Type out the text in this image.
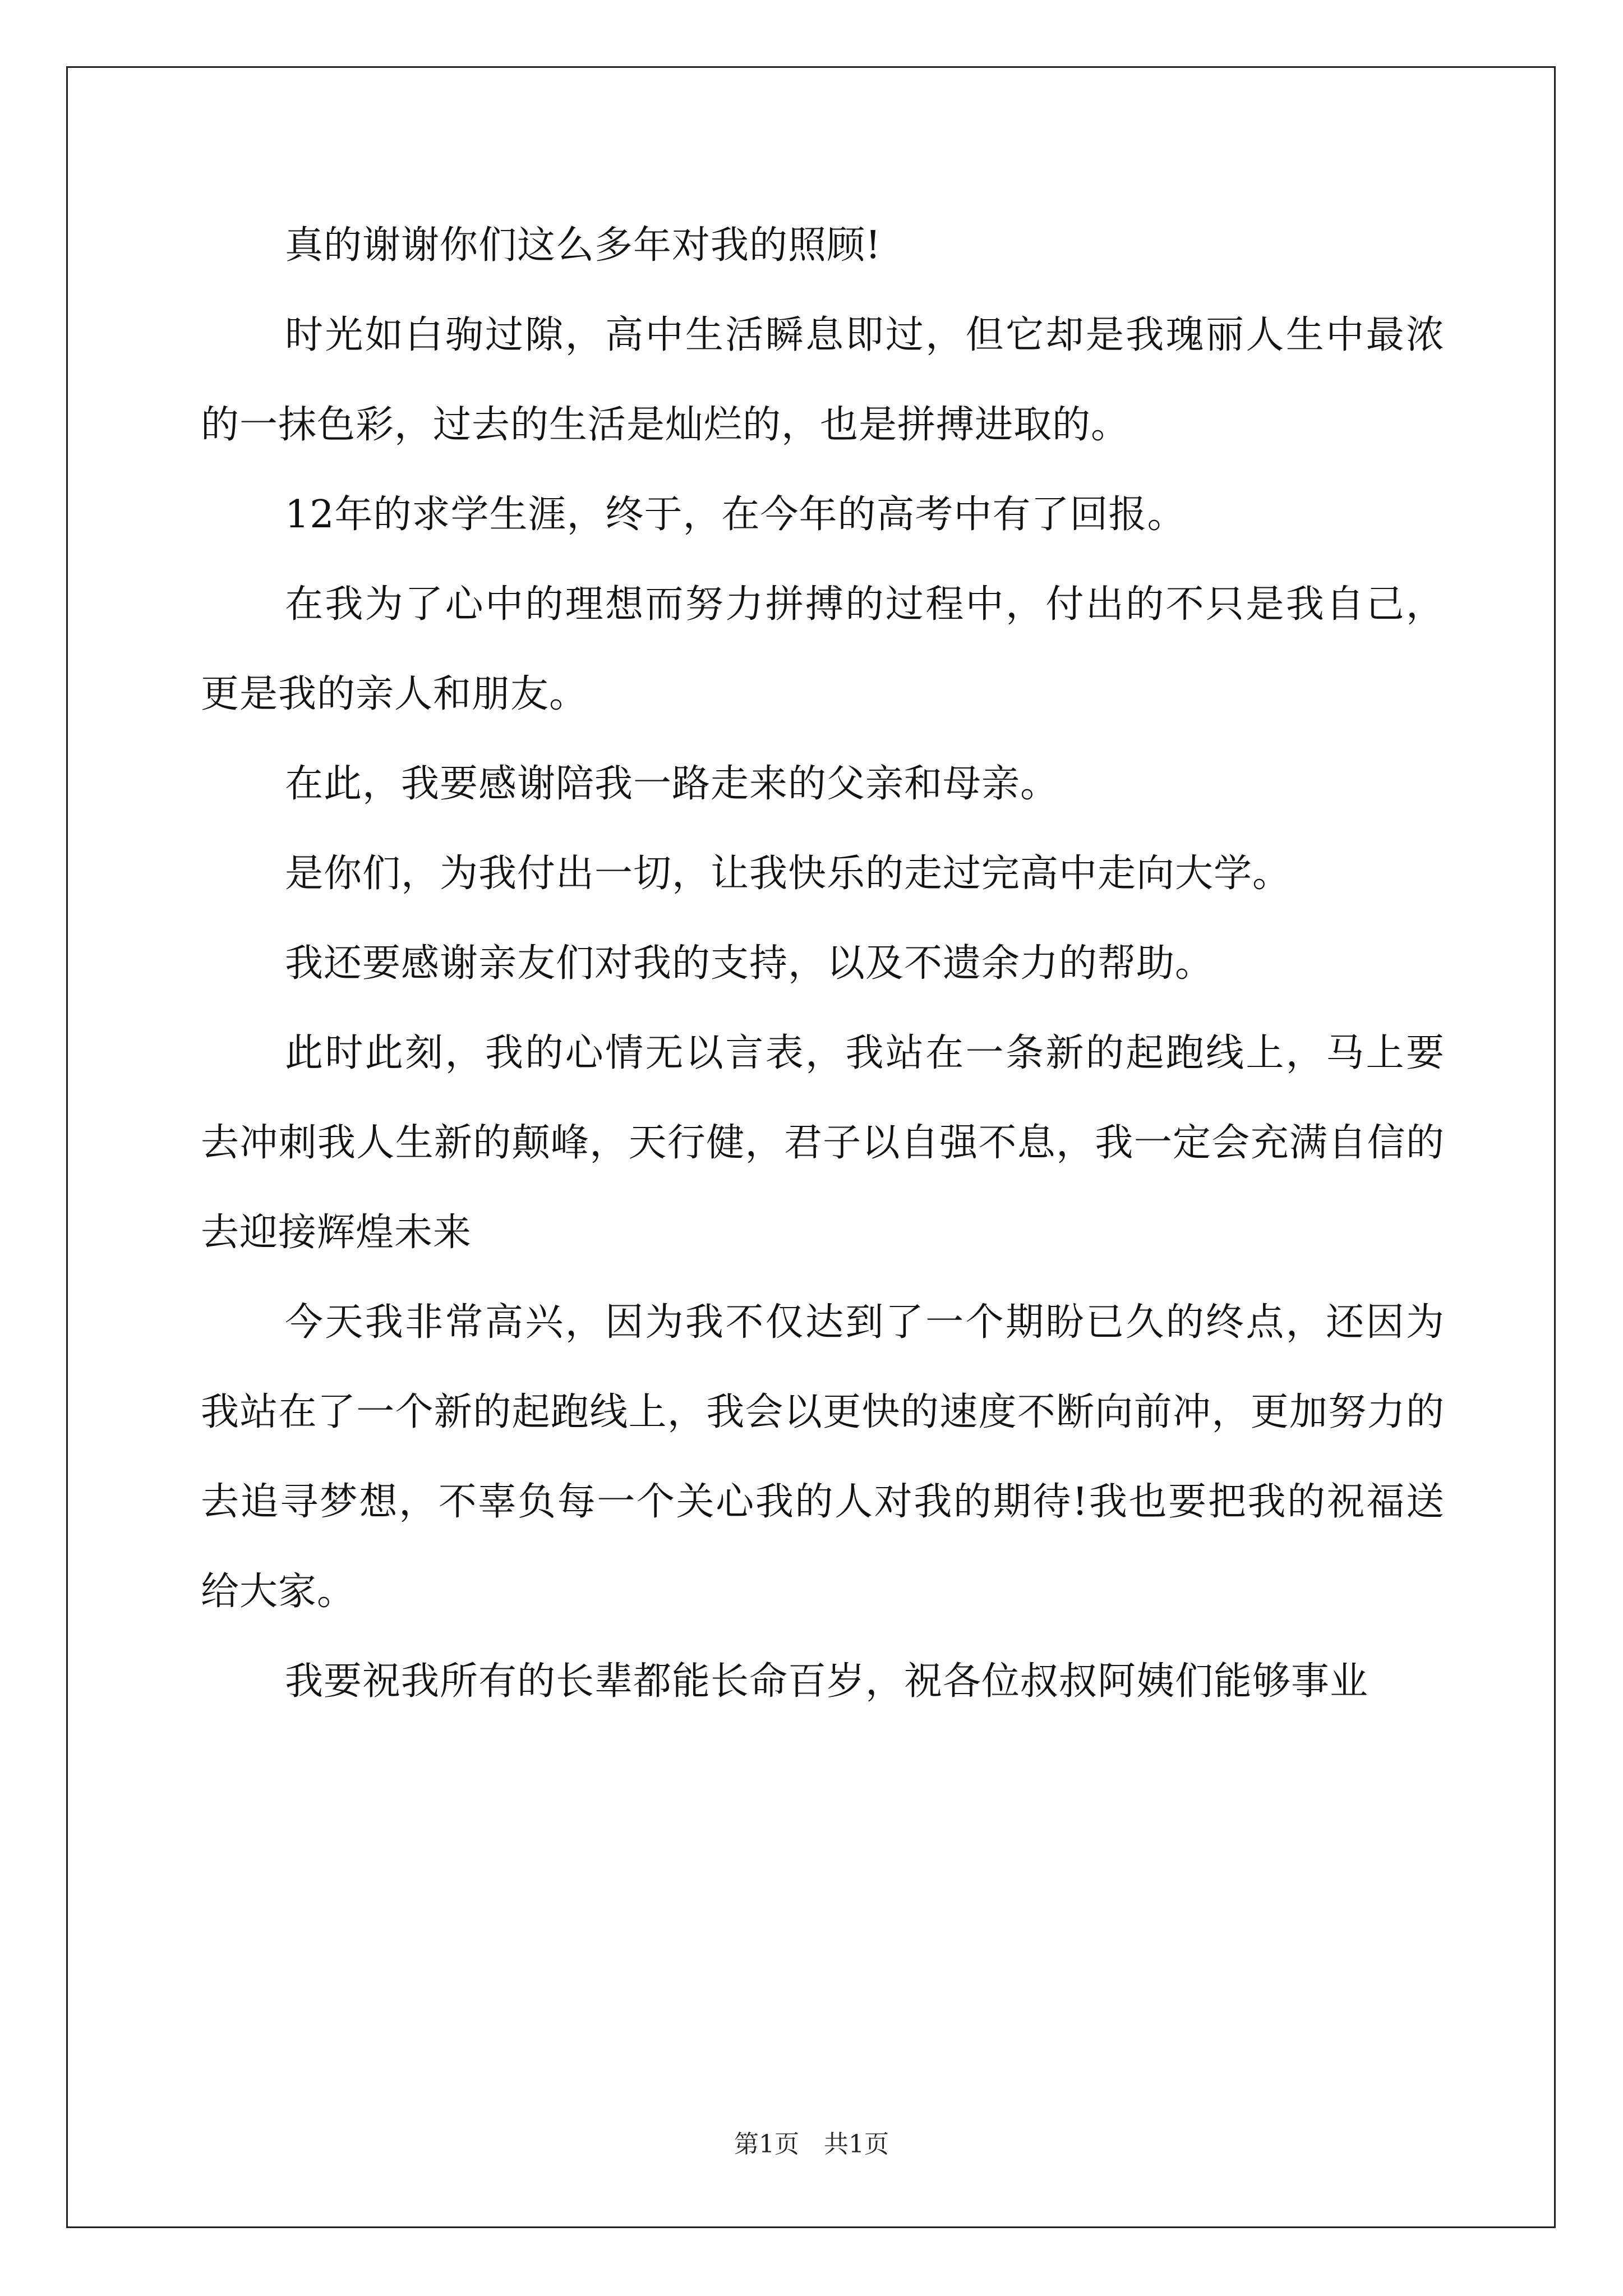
真的谢谢你们这么多年对我的照顾!

时光如白驹过隙，高中生活瞬息即过，但它却是我瑰丽人生中最浓的一抹色彩，过去的生活是灿烂的，也是拼搏进取的。

12年的求学生涯，终于，在今年的高考中有了回报。

在我为了心中的理想而努力拼搏的过程中，付出的不只是我自己，更是我的亲人和朋友。

在此，我要感谢陪我一路走来的父亲和母亲。

是你们，为我付出一切，让我快乐的走过完高中走向大学。

我还要感谢亲友们对我的支持，以及不遗余力的帮助。

此时此刻，我的心情无以言表，我站在一条新的起跑线上，马上要去冲刺我人生新的颠峰，天行健，君子以自强不息，我一定会充满自信的去迎接辉煌未来

今天我非常高兴，因为我不仅达到了一个期盼已久的终点，还因为我站在了一个新的起跑线上，我会以更快的速度不断向前冲，更加努力的去追寻梦想，不辜负每一个关心我的人对我的期待!我也要把我的祝福送给大家。

我要祝我所有的长辈都能长命百岁，祝各位叔叔阿姨们能够事业

第1页　共1页
